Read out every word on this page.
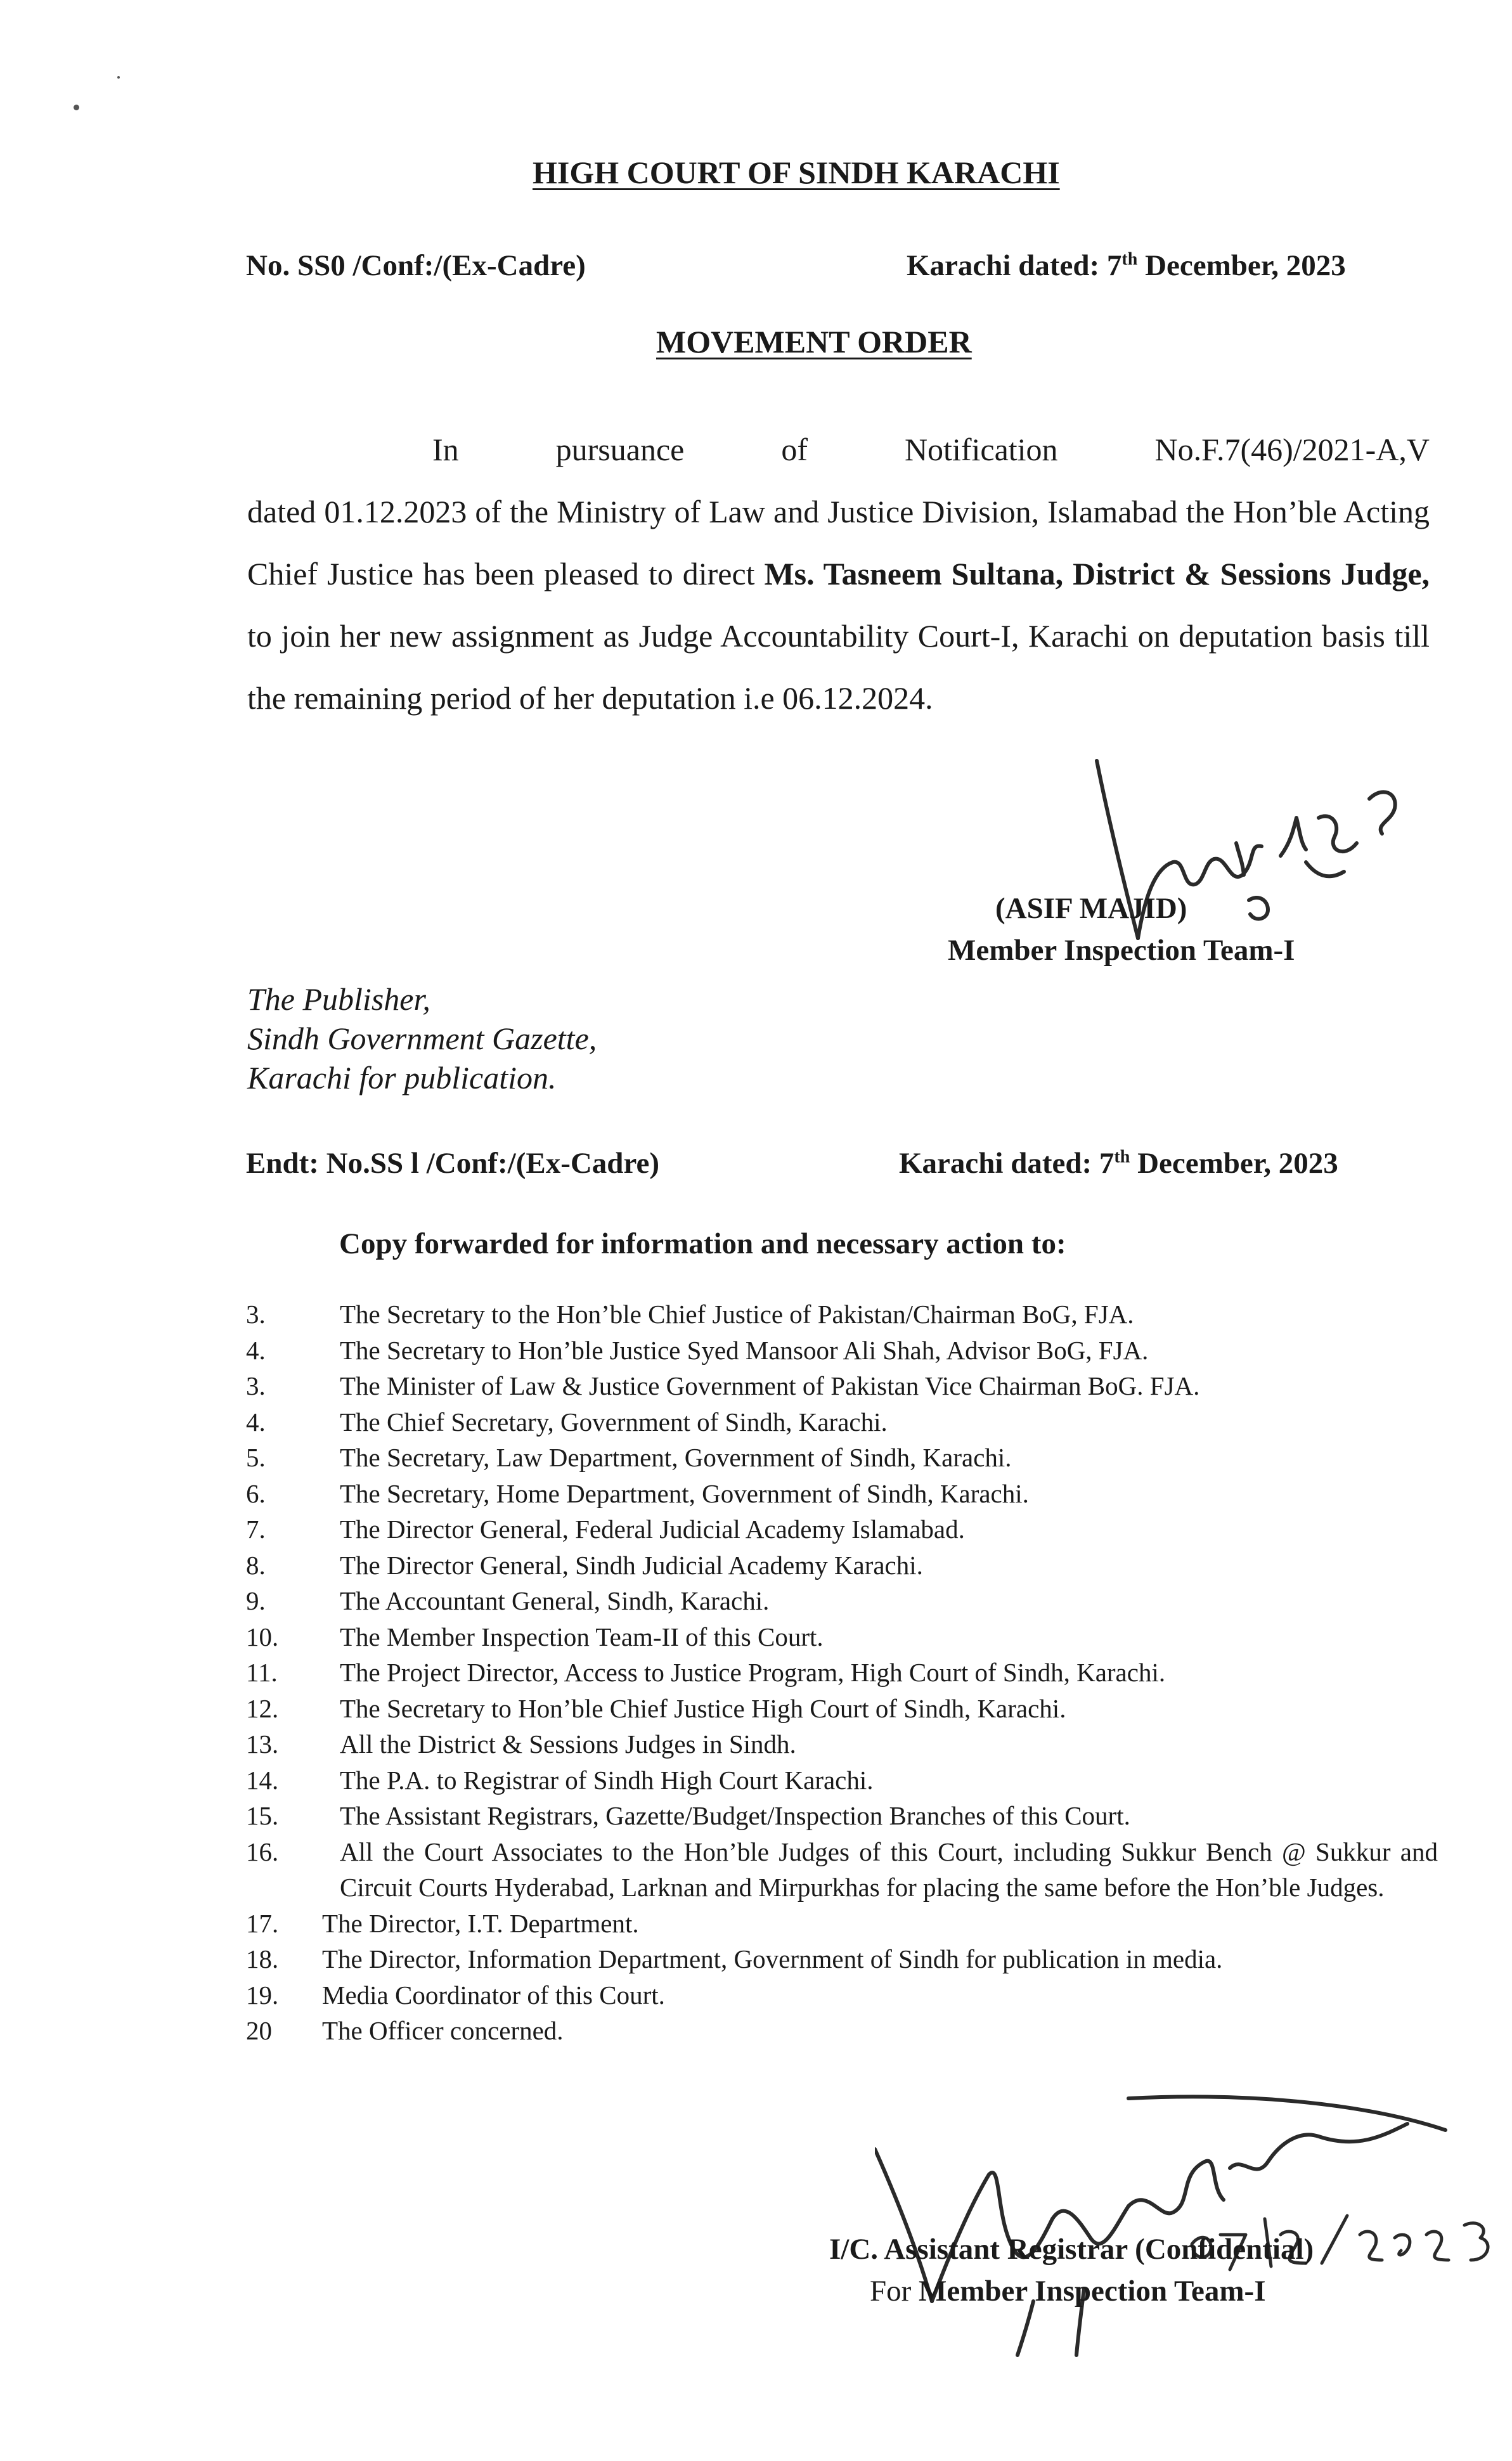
HIGH COURT OF SINDH KARACHI
No. SS0 /Conf:/(Ex-Cadre)	Karachi dated: 7th December, 2023
MOVEMENT ORDER
In	pursuance	of	Notification	No.F.7(46)/2021-A,V

dated 01.12.2023 of the Ministry of Law and Justice Division, Islamabad the Hon’ble Acting Chief Justice has been pleased to direct Ms. Tasneem Sultana, District & Sessions Judge, to join her new assignment as Judge Accountability Court-I, Karachi on deputation basis till the remaining period of her deputation i.e 06.12.2024.

(ASIF MAJID)
Member Inspection Team-I
The Publisher,
Sindh Government Gazette,
Karachi for publication.
Endt: No.SS l /Conf:/(Ex-Cadre)	Karachi dated: 7th December, 2023
Copy forwarded for information and necessary action to:
3.	The Secretary to the Hon’ble Chief Justice of Pakistan/Chairman BoG, FJA.
4.	The Secretary to Hon’ble Justice Syed Mansoor Ali Shah, Advisor BoG, FJA.
3.	The Minister of Law & Justice Government of Pakistan Vice Chairman BoG. FJA.
4.	The Chief Secretary, Government of Sindh, Karachi.
5.	The Secretary, Law Department, Government of Sindh, Karachi.
6.	The Secretary, Home Department, Government of Sindh, Karachi.
7.	The Director General, Federal Judicial Academy Islamabad.
8.	The Director General, Sindh Judicial Academy Karachi.
9.	The Accountant General, Sindh, Karachi.
10.	The Member Inspection Team-II of this Court.
11.	The Project Director, Access to Justice Program, High Court of Sindh, Karachi.
12.	The Secretary to Hon’ble Chief Justice High Court of Sindh, Karachi.
13.	All the District & Sessions Judges in Sindh.
14.	The P.A. to Registrar of Sindh High Court Karachi.
15.	The Assistant Registrars, Gazette/Budget/Inspection Branches of this Court.
16.	All the Court Associates to the Hon’ble Judges of this Court, including Sukkur Bench @ Sukkur and Circuit Courts Hyderabad, Larknan and Mirpurkhas for placing the same before the Hon’ble Judges.
17.	The Director, I.T. Department.
18.	The Director, Information Department, Government of Sindh for publication in media.
19.	Media Coordinator of this Court.
20	The Officer concerned.
I/C. Assistant Registrar (Confidential)
For Member Inspection Team-I
